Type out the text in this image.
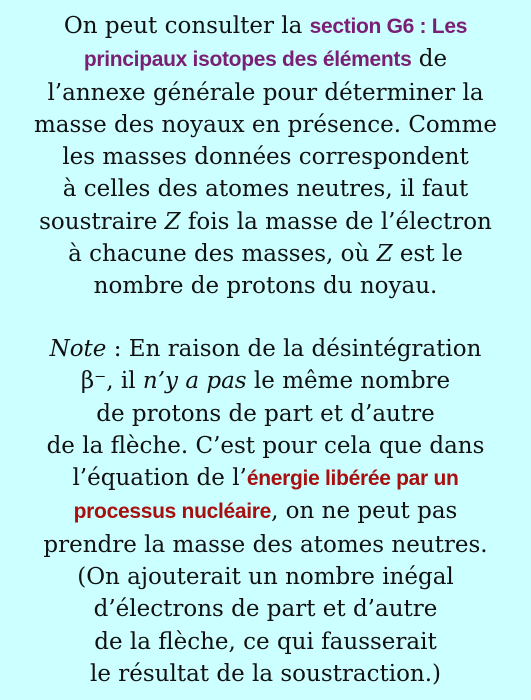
On peut consulter la section G6 : Les
principaux isotopes des éléments de
l’annexe générale pour déterminer la
masse des noyaux en présence. Comme
les masses données correspondent
à celles des atomes neutres, il faut
soustraire Z fois la masse de l’électron
à chacune des masses, où Z est le
nombre de protons du noyau.
Note : En raison de la désintégration
β⁻, il n’y a pas le même nombre
de protons de part et d’autre
de la flèche. C’est pour cela que dans
l’équation de l’énergie libérée par un
processus nucléaire, on ne peut pas
prendre la masse des atomes neutres.
(On ajouterait un nombre inégal
d’électrons de part et d’autre
de la flèche, ce qui fausserait
le résultat de la soustraction.)
